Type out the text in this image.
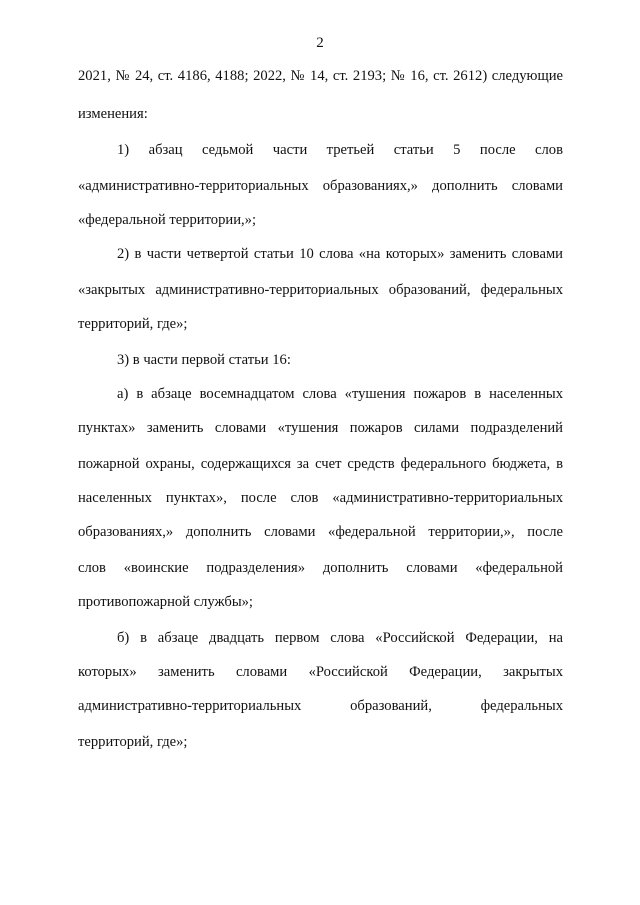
2
2021, № 24, ст. 4186, 4188; 2022, № 14, ст. 2193; № 16, ст. 2612) следующие
изменения:
1) абзац седьмой части третьей статьи 5 после слов
«административно-территориальных образованиях,» дополнить словами
«федеральной территории,»;
2) в части четвертой статьи 10 слова «на которых» заменить словами
«закрытых административно-территориальных образований, федеральных
территорий, где»;
3) в части первой статьи 16:
а) в абзаце восемнадцатом слова «тушения пожаров в населенных
пунктах» заменить словами «тушения пожаров силами подразделений
пожарной охраны, содержащихся за счет средств федерального бюджета, в
населенных пунктах», после слов «административно-территориальных
образованиях,» дополнить словами «федеральной территории,», после
слов «воинские подразделения» дополнить словами «федеральной
противопожарной службы»;
б) в абзаце двадцать первом слова «Российской Федерации, на
которых» заменить словами «Российской Федерации, закрытых
административно-территориальных образований, федеральных
территорий, где»;
